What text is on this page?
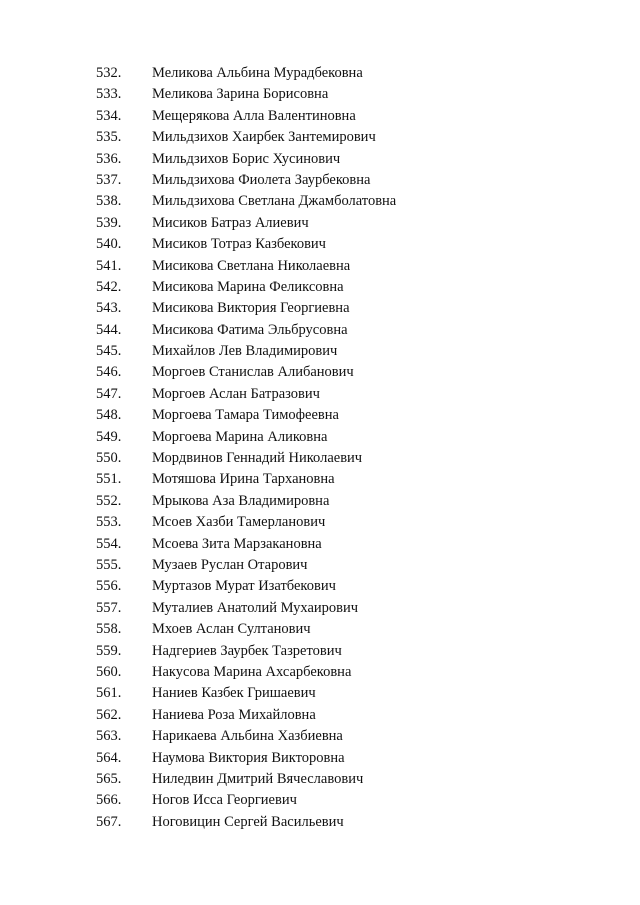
532. Меликова Альбина Мурадбековна
533. Меликова Зарина Борисовна
534. Мещерякова Алла Валентиновна
535. Мильдзихов Хаирбек Зантемирович
536. Мильдзихов Борис Хусинович
537. Мильдзихова Фиолета Заурбековна
538. Мильдзихова Светлана Джамболатовна
539. Мисиков Батраз Алиевич
540. Мисиков Тотраз Казбекович
541. Мисикова Светлана Николаевна
542. Мисикова Марина Феликсовна
543. Мисикова Виктория Георгиевна
544. Мисикова Фатима Эльбрусовна
545. Михайлов Лев Владимирович
546. Моргоев Станислав Алибанович
547. Моргоев Аслан Батразович
548. Моргоева Тамара Тимофеевна
549. Моргоева Марина Аликовна
550. Мордвинов Геннадий Николаевич
551. Мотяшова Ирина Тархановна
552. Мрыкова Аза Владимировна
553. Мсоев Хазби Тамерланович
554. Мсоева Зита Марзакановна
555. Музаев Руслан Отарович
556. Муртазов Мурат Изатбекович
557. Муталиев Анатолий Мухаирович
558. Мхоев Аслан Султанович
559. Надгериев Заурбек Тазретович
560. Накусова Марина Ахсарбековна
561. Наниев Казбек Гришаевич
562. Наниева Роза Михайловна
563. Нарикаева Альбина Хазбиевна
564. Наумова Виктория Викторовна
565. Ниледвин Дмитрий Вячеславович
566. Ногов Исса Георгиевич
567. Ноговицин Сергей Васильевич
